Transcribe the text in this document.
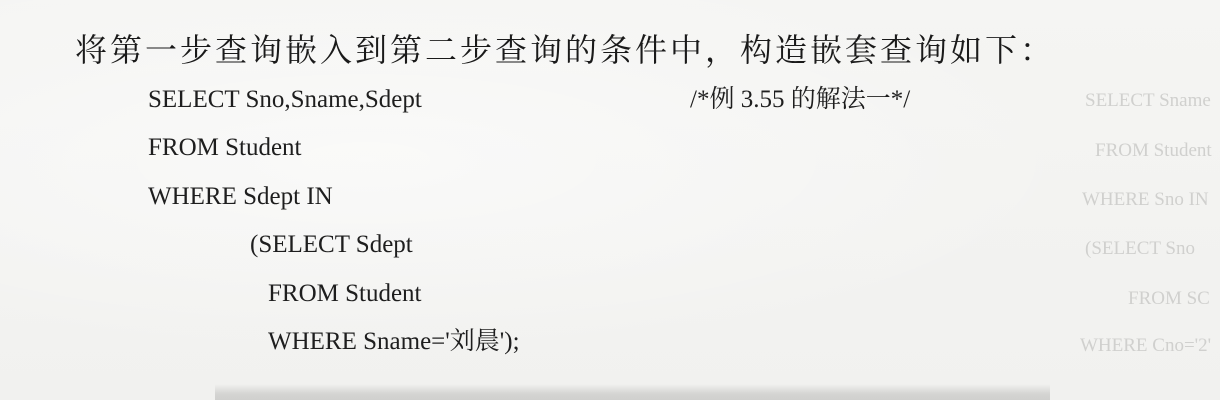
SELECT Sname
FROM Student
WHERE Sno IN
(SELECT Sno
FROM SC
WHERE Cno='2'
将第一步查询嵌入到第二步查询的条件中，构造嵌套查询如下：
SELECT Sno,Sname,Sdept	/*例 3.55 的解法一*/
FROM Student
WHERE Sdept IN
(SELECT Sdept
FROM Student
WHERE Sname='刘晨');
